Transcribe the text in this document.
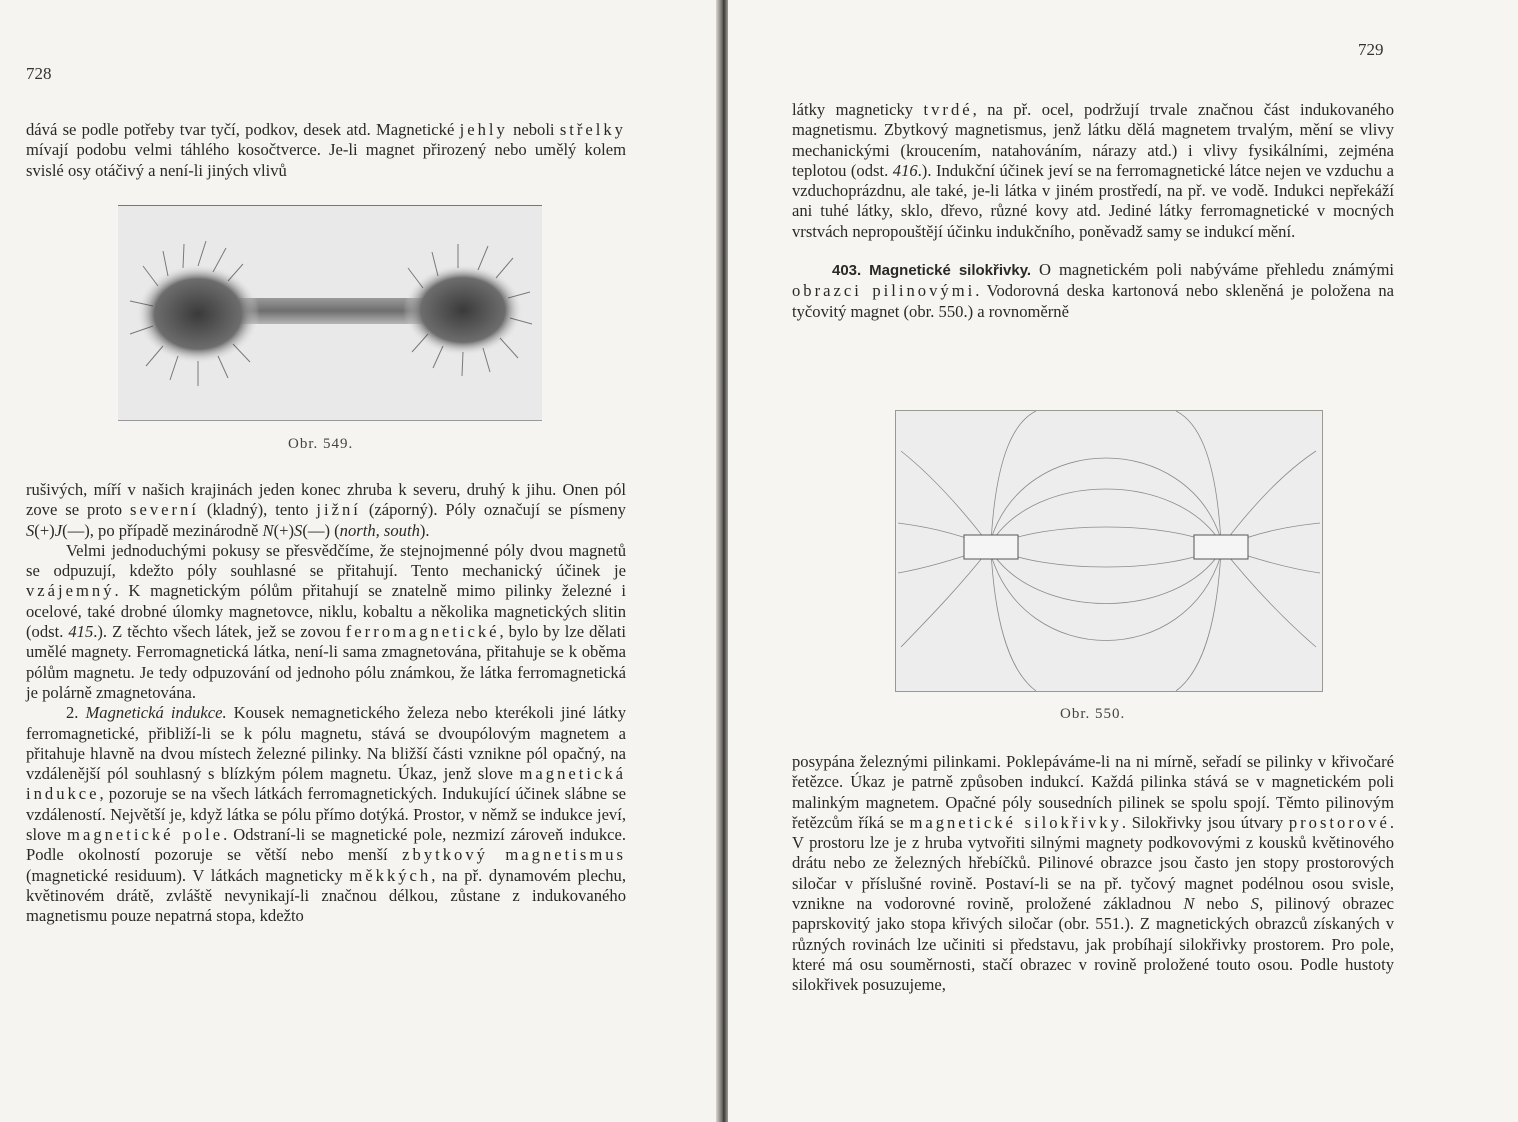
728

dává se podle potřeby tvar tyčí, podkov, desek atd. Magnetické jehly neboli střelky mívají podobu velmi táhlého kosočtverce. Je-li magnet přirozený nebo umělý kolem svislé osy otáčivý a není-li jiných vlivů

Obr. 549.

rušivých, míří v našich krajinách jeden konec zhruba k severu, druhý k jihu. Onen pól zove se proto severní (kladný), tento jižní (záporný). Póly označují se písmeny S(+)J(—), po případě mezinárodně N(+)S(—) (north, south).

Velmi jednoduchými pokusy se přesvědčíme, že stejnojmenné póly dvou magnetů se odpuzují, kdežto póly souhlasné se přitahují. Tento mechanický účinek je vzájemný. K magnetickým pólům přitahují se znatelně mimo pilinky železné i ocelové, také drobné úlomky magnetovce, niklu, kobaltu a několika magnetických slitin (odst. 415.). Z těchto všech látek, jež se zovou ferromagnetické, bylo by lze dělati umělé magnety. Ferromagnetická látka, není-li sama zmagnetována, přitahuje se k oběma pólům magnetu. Je tedy odpuzování od jednoho pólu známkou, že látka ferromagnetická je polárně zmagnetována.

2. Magnetická indukce. Kousek nemagnetického železa nebo kterékoli jiné látky ferromagnetické, přibliží-li se k pólu magnetu, stává se dvoupólovým magnetem a přitahuje hlavně na dvou místech železné pilinky. Na bližší části vznikne pól opačný, na vzdálenější pól souhlasný s blízkým pólem magnetu. Úkaz, jenž slove magnetická indukce, pozoruje se na všech látkách ferromagnetických. Indukující účinek slábne se vzdáleností. Největší je, když látka se pólu přímo dotýká. Prostor, v němž se indukce jeví, slove magnetické pole. Odstraní-li se magnetické pole, nezmizí zároveň indukce. Podle okolností pozoruje se větší nebo menší zbytkový magnetismus (magnetické residuum). V látkách magneticky měkkých, na př. dynamovém plechu, květinovém drátě, zvláště nevynikají-li značnou délkou, zůstane z indukovaného magnetismu pouze nepatrná stopa, kdežto

729

látky magneticky tvrdé, na př. ocel, podržují trvale značnou část indukovaného magnetismu. Zbytkový magnetismus, jenž látku dělá magnetem trvalým, mění se vlivy mechanickými (kroucením, natahováním, nárazy atd.) i vlivy fysikálními, zejména teplotou (odst. 416.). Indukční účinek jeví se na ferromagnetické látce nejen ve vzduchu a vzduchoprázdnu, ale také, je-li látka v jiném prostředí, na př. ve vodě. Indukci nepřekáží ani tuhé látky, sklo, dřevo, různé kovy atd. Jediné látky ferromagnetické v mocných vrstvách nepropouštějí účinku indukčního, poněvadž samy se indukcí mění.

403. Magnetické silokřivky. O magnetickém poli nabýváme přehledu známými obrazci pilinovými. Vodorovná deska kartonová nebo skleněná je položena na tyčovitý magnet (obr. 550.) a rovnoměrně

Obr. 550.

posypána železnými pilinkami. Poklepáváme-li na ni mírně, seřadí se pilinky v křivočaré řetězce. Úkaz je patrně způsoben indukcí. Každá pilinka stává se v magnetickém poli malinkým magnetem. Opačné póly sousedních pilinek se spolu spojí. Těmto pilinovým řetězcům říká se magnetické silokřivky. Silokřivky jsou útvary prostorové. V prostoru lze je z hruba vytvořiti silnými magnety podkovovými z kousků květinového drátu nebo ze železných hřebíčků. Pilinové obrazce jsou často jen stopy prostorových siločar v příslušné rovině. Postaví-li se na př. tyčový magnet podélnou osou svisle, vznikne na vodorovné rovině, proložené základnou N nebo S, pilinový obrazec paprskovitý jako stopa křivých siločar (obr. 551.). Z magnetických obrazců získaných v různých rovinách lze učiniti si představu, jak probíhají silokřivky prostorem. Pro pole, které má osu souměrnosti, stačí obrazec v rovině proložené touto osou. Podle hustoty silokřivek posuzujeme,
